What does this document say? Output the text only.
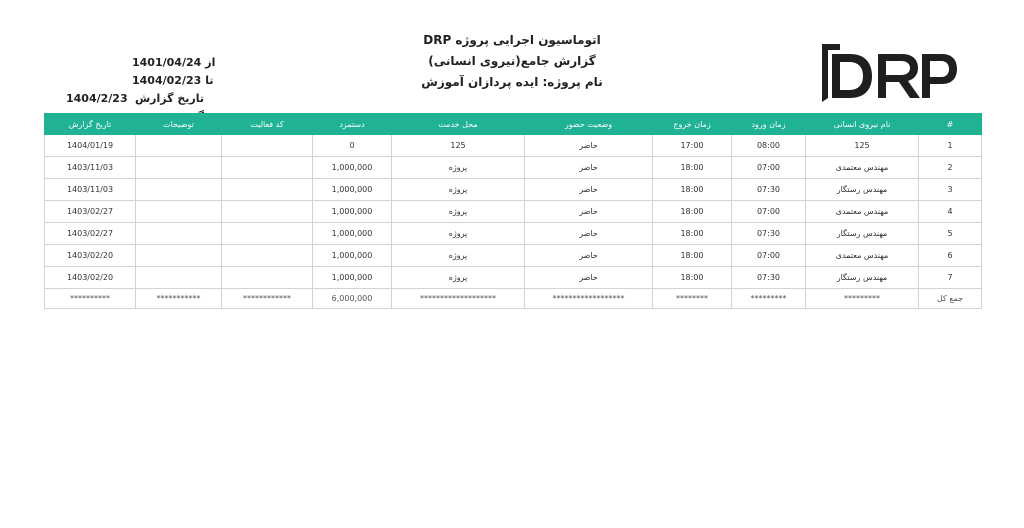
اتوماسیون اجرایی پروژه DRP
گزارش جامع(نیروی انسانی)
نام پروژه: ایده پردازان آموزش
از
1401/04/24
تا
1404/02/23
تاریخ گزارش
1404/2/23
#	نام نیروی انسانی	زمان ورود	زمان خروج	وضعیت حضور	محل خدمت	دستمزد	کد فعالیت	توضیحات	تاریخ گزارش
1	125	08:00	17:00	حاضر	125	0			1404/01/19
2	مهندس معتمدی	07:00	18:00	حاضر	پروژه	1,000,000			1403/11/03
3	مهندس رستگار	07:30	18:00	حاضر	پروژه	1,000,000			1403/11/03
4	مهندس معتمدی	07:00	18:00	حاضر	پروژه	1,000,000			1403/02/27
5	مهندس رستگار	07:30	18:00	حاضر	پروژه	1,000,000			1403/02/27
6	مهندس معتمدی	07:00	18:00	حاضر	پروژه	1,000,000			1403/02/20
7	مهندس رستگار	07:30	18:00	حاضر	پروژه	1,000,000			1403/02/20
جمع کل	*********	*********	********	******************	*******************	6,000,000	************	***********	**********
